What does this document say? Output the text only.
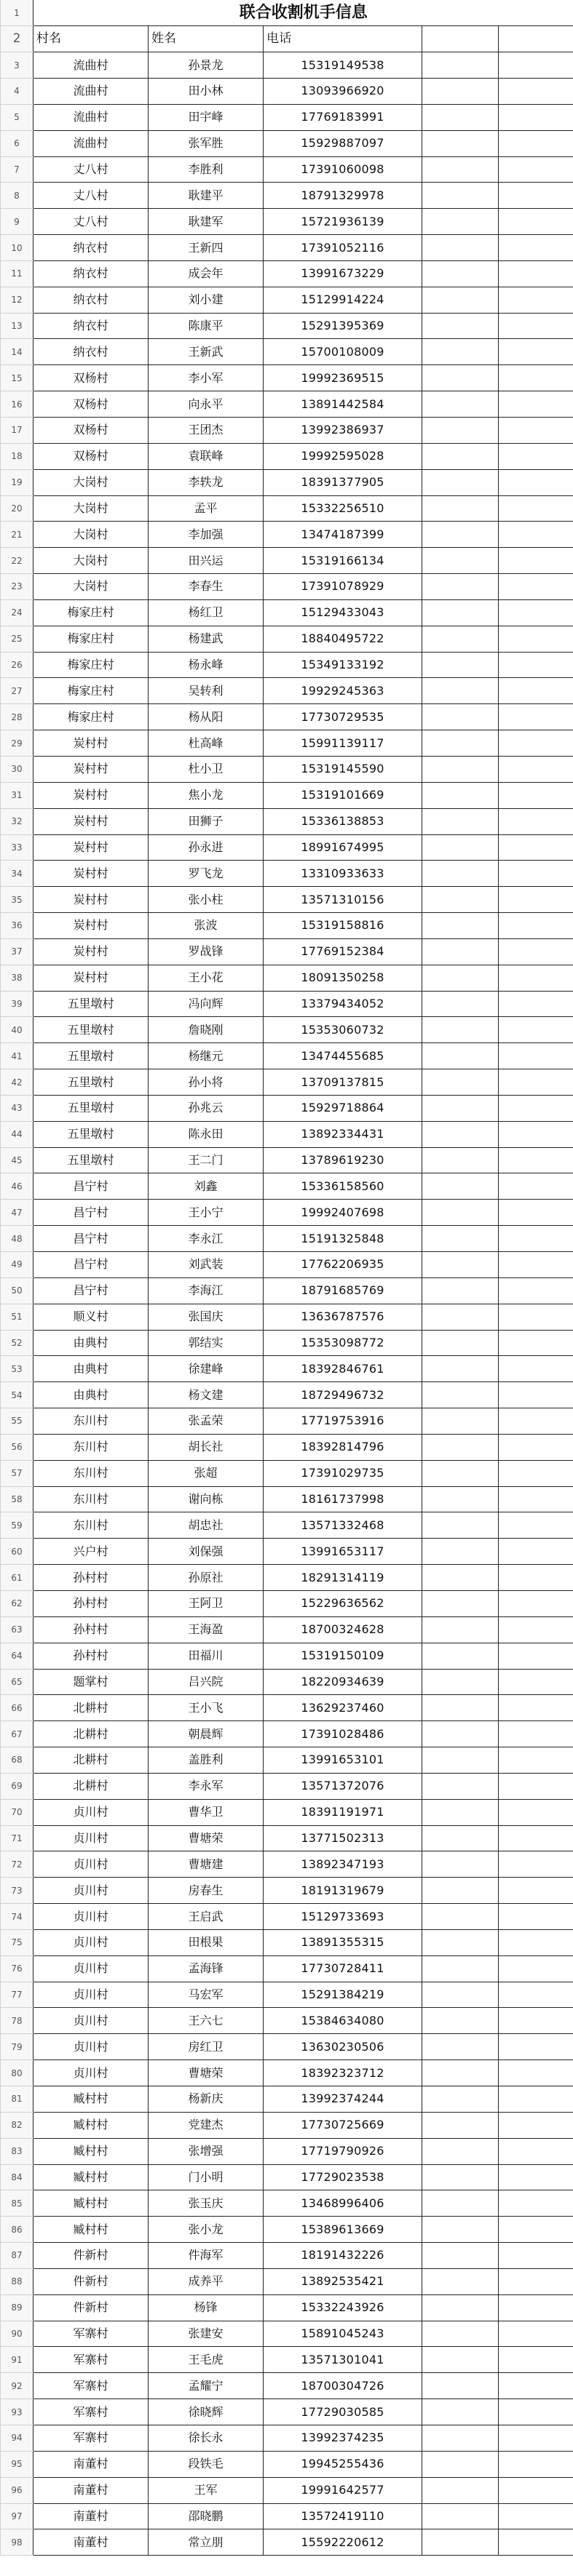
1	联合收割机手信息				
2	村名	姓名	电话		
3	流曲村	孙景龙	15319149538		
4	流曲村	田小林	13093966920		
5	流曲村	田宇峰	17769183991		
6	流曲村	张军胜	15929887097		
7	丈八村	李胜利	17391060098		
8	丈八村	耿建平	18791329978		
9	丈八村	耿建军	15721936139		
10	纳衣村	王新四	17391052116		
11	纳衣村	成会年	13991673229		
12	纳衣村	刘小建	15129914224		
13	纳衣村	陈康平	15291395369		
14	纳衣村	王新武	15700108009		
15	双杨村	李小军	19992369515		
16	双杨村	向永平	13891442584		
17	双杨村	王团杰	13992386937		
18	双杨村	袁联峰	19992595028		
19	大岗村	李轶龙	18391377905		
20	大岗村	孟平	15332256510		
21	大岗村	李加强	13474187399		
22	大岗村	田兴运	15319166134		
23	大岗村	李春生	17391078929		
24	梅家庄村	杨红卫	15129433043		
25	梅家庄村	杨建武	18840495722		
26	梅家庄村	杨永峰	15349133192		
27	梅家庄村	吴转利	19929245363		
28	梅家庄村	杨从阳	17730729535		
29	炭村村	杜高峰	15991139117		
30	炭村村	杜小卫	15319145590		
31	炭村村	焦小龙	15319101669		
32	炭村村	田狮子	15336138853		
33	炭村村	孙永进	18991674995		
34	炭村村	罗飞龙	13310933633		
35	炭村村	张小柱	13571310156		
36	炭村村	张波	15319158816		
37	炭村村	罗战锋	17769152384		
38	炭村村	王小花	18091350258		
39	五里墩村	冯向辉	13379434052		
40	五里墩村	詹晓刚	15353060732		
41	五里墩村	杨继元	13474455685		
42	五里墩村	孙小将	13709137815		
43	五里墩村	孙兆云	15929718864		
44	五里墩村	陈永田	13892334431		
45	五里墩村	王二门	13789619230		
46	昌宁村	刘鑫	15336158560		
47	昌宁村	王小宁	19992407698		
48	昌宁村	李永江	15191325848		
49	昌宁村	刘武装	17762206935		
50	昌宁村	李海江	18791685769		
51	顺义村	张国庆	13636787576		
52	由典村	郭结实	15353098772		
53	由典村	徐建峰	18392846761		
54	由典村	杨文建	18729496732		
55	东川村	张孟荣	17719753916		
56	东川村	胡长社	18392814796		
57	东川村	张超	17391029735		
58	东川村	谢向栋	18161737998		
59	东川村	胡忠社	13571332468		
60	兴户村	刘保强	13991653117		
61	孙村村	孙原社	18291314119		
62	孙村村	王阿卫	15229636562		
63	孙村村	王海盈	18700324628		
64	孙村村	田福川	15319150109		
65	题掌村	吕兴院	18220934639		
66	北耕村	王小飞	13629237460		
67	北耕村	朝晨辉	17391028486		
68	北耕村	盖胜利	13991653101		
69	北耕村	李永军	13571372076		
70	贞川村	曹华卫	18391191971		
71	贞川村	曹塘荣	13771502313		
72	贞川村	曹塘建	13892347193		
73	贞川村	房春生	18191319679		
74	贞川村	王启武	15129733693		
75	贞川村	田根果	13891355315		
76	贞川村	孟海锋	17730728411		
77	贞川村	马宏军	15291384219		
78	贞川村	王六七	15384634080		
79	贞川村	房红卫	13630230506		
80	贞川村	曹塘荣	18392323712		
81	臧村村	杨新庆	13992374244		
82	臧村村	党建杰	17730725669		
83	臧村村	张增强	17719790926		
84	臧村村	门小明	17729023538		
85	臧村村	张玉庆	13468996406		
86	臧村村	张小龙	15389613669		
87	件新村	件海军	18191432226		
88	件新村	成养平	13892535421		
89	件新村	杨锋	15332243926		
90	军寨村	张建安	15891045243		
91	军寨村	王毛虎	13571301041		
92	军寨村	孟耀宁	18700304726		
93	军寨村	徐晓辉	17729030585		
94	军寨村	徐长永	13992374235		
95	南董村	段铁毛	19945255436		
96	南董村	王军	19991642577		
97	南董村	邵晓鹏	13572419110		
98	南董村	常立朋	15592220612		
